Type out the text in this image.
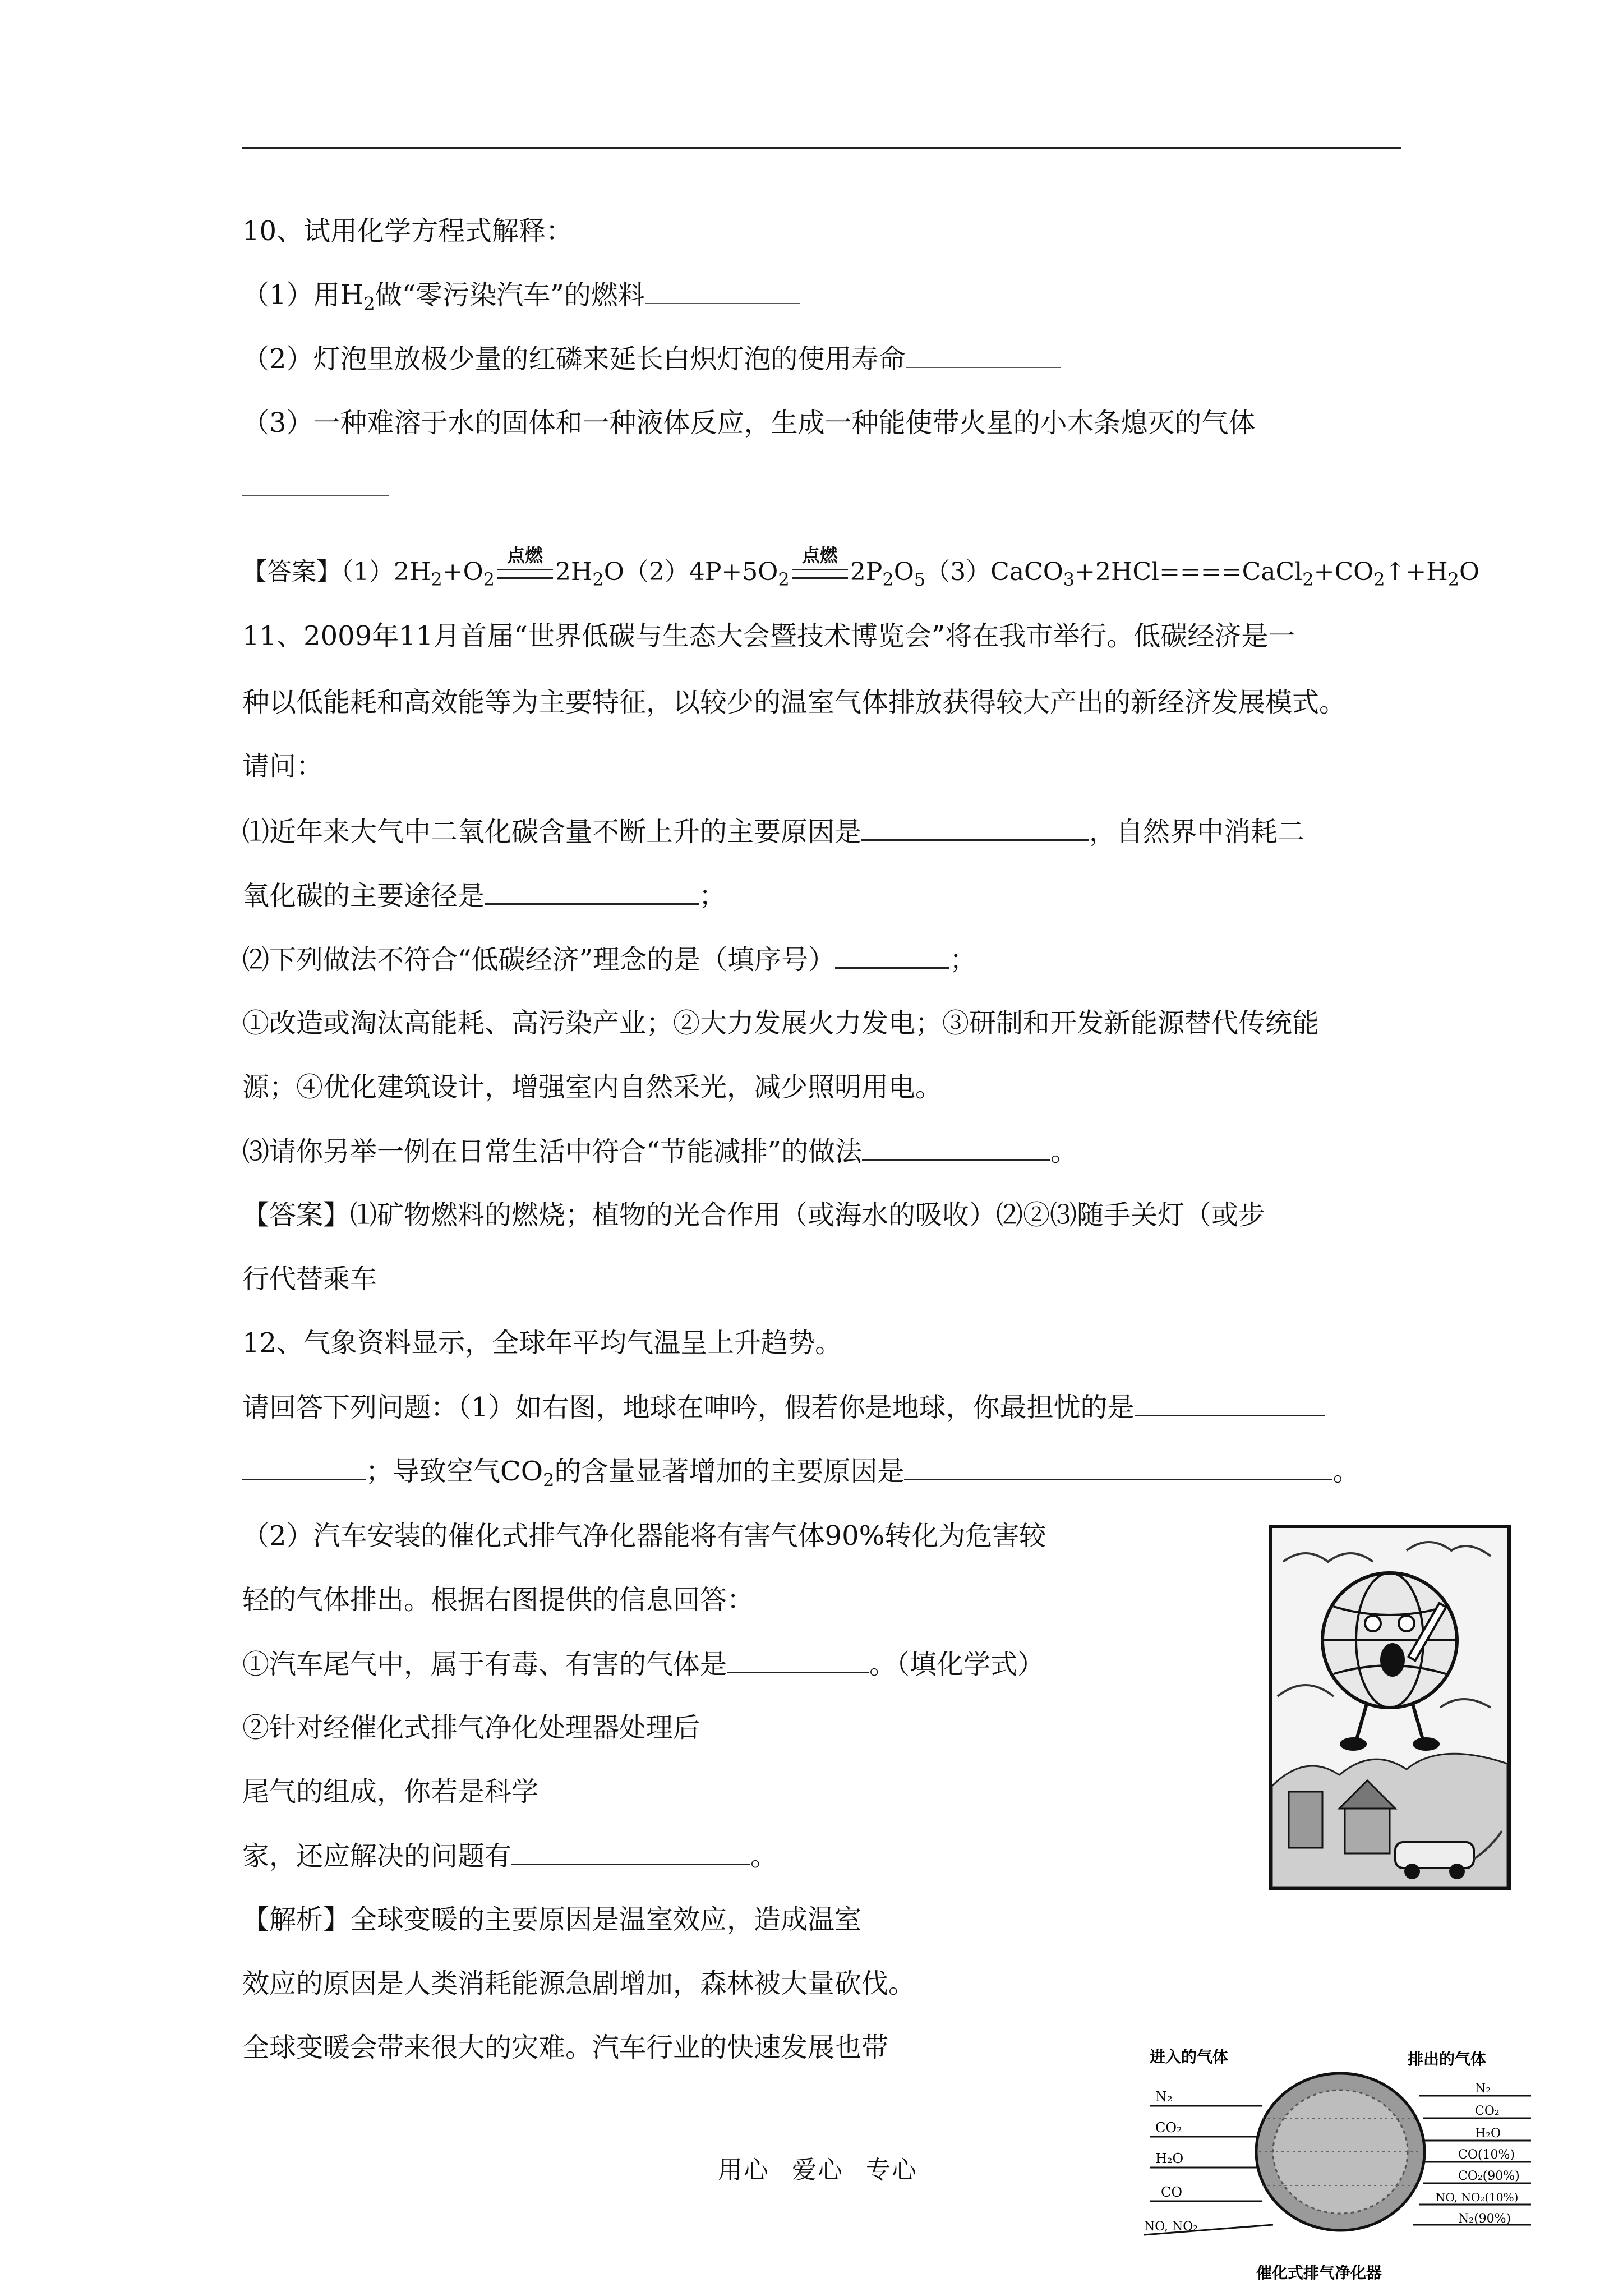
10、试用化学方程式解释：
（1）用$H_2$做“零污染汽车”的燃料
（2）灯泡里放极少量的红磷来延长白炽灯泡的使用寿命
（3）一种难溶于水的固体和一种液体反应，生成一种能使带火星的小木条熄灭的气体
【答案】$(1)2H_2+O_2$
点燃
$2H_2O(2)4P+5O_2$
点燃
$2P_2O_5(3)CaCO_3+2HCl====CaCl_2+CO_2↑+H_2O$
11、2009年11月首届“世界低碳与生态大会暨技术博览会”将在我市举行。低碳经济是一
种以低能耗和高效能等为主要特征，以较少的温室气体排放获得较大产出的新经济发展模式。
请问：
⑴近年来大气中二氧化碳含量不断上升的主要原因是	，自然界中消耗二
氧化碳的主要途径是	；
⑵下列做法不符合“低碳经济”理念的是（填序号）	；
①改造或淘汰高能耗、高污染产业；②大力发展火力发电；③研制和开发新能源替代传统能
源；④优化建筑设计，增强室内自然采光，减少照明用电。
⑶请你另举一例在日常生活中符合“节能减排”的做法	。
【答案】⑴矿物燃料的燃烧；植物的光合作用（或海水的吸收）⑵②⑶随手关灯（或步
行代替乘车
12、气象资料显示，全球年平均气温呈上升趋势。
请回答下列问题：（1）如右图，地球在呻吟，假若你是地球，你最担忧的是
；导致空气$CO_2$的含量显著增加的主要原因是	。
（2）汽车安装的催化式排气净化器能将有害气体90%转化为危害较
轻的气体排出。根据右图提供的信息回答：
①汽车尾气中，属于有毒、有害的气体是	。（填化学式）
②针对经催化式排气净化处理器处理后
尾气的组成，你若是科学
家，还应解决的问题有	。
【解析】全球变暖的主要原因是温室效应，造成温室
效应的原因是人类消耗能源急剧增加，森林被大量砍伐。
全球变暖会带来很大的灾难。汽车行业的快速发展也带	进入的气体	排出的气体
N₂
CO₂
H₂O
CO
NO, NO₂
N₂
CO₂
H₂O
CO(10%)
CO₂(90%)
NO, NO₂(10%)
N₂(90%)
催化式排气净化器
用心 爱心 专心
